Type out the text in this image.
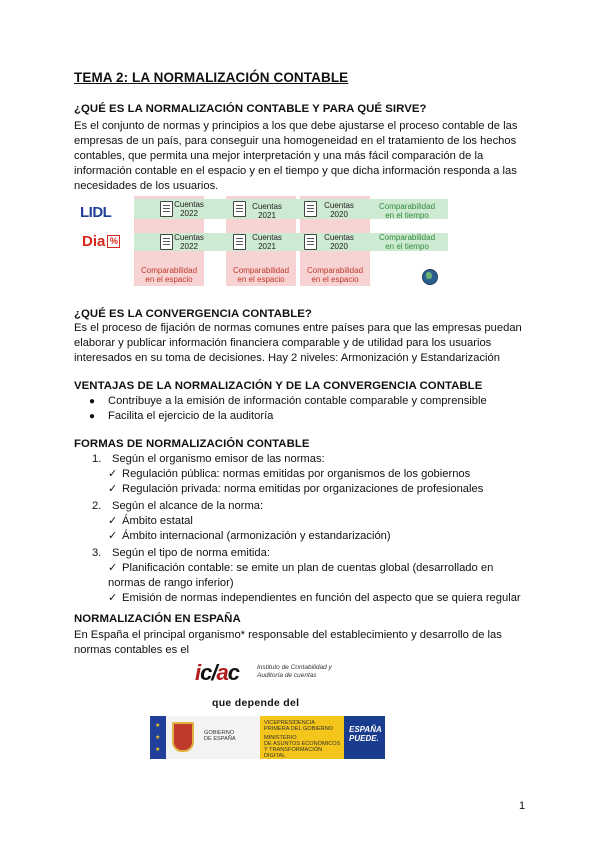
TEMA 2: LA NORMALIZACIÓN CONTABLE
¿QUÉ ES LA NORMALIZACIÓN CONTABLE Y PARA QUÉ SIRVE?
Es el conjunto de normas y principios a los que debe ajustarse el proceso contable de las
empresas de un país, para conseguir una homogeneidad en el tratamiento de los hechos
contables, que permita una mejor interpretación y una más fácil comparación de la
información contable en el espacio y en el tiempo y que dicha información responda a las
necesidades de los usuarios.
LIDL
Dia %
Cuentas
2022
Cuentas
2021
Cuentas
2020
Comparabilidad
en el tiempo
Cuentas
2022
Cuentas
2021
Cuentas
2020
Comparabilidad
en el tiempo
Comparabilidad
en el espacio
Comparabilidad
en el espacio
Comparabilidad
en el espacio
¿QUÉ ES LA CONVERGENCIA CONTABLE?
Es el proceso de fijación de normas comunes entre países para que las empresas puedan
elaborar y publicar información financiera comparable y de utilidad para los usuarios
interesados en su toma de decisiones. Hay 2 niveles: Armonización y Estandarización
VENTAJAS DE LA NORMALIZACIÓN Y DE LA CONVERGENCIA CONTABLE
● Contribuye a la emisión de información contable comparable y comprensible
● Facilita el ejercicio de la auditoría
FORMAS DE NORMALIZACIÓN CONTABLE
1. Según el organismo emisor de las normas:
✓ Regulación pública: normas emitidas por organismos de los gobiernos
✓ Regulación privada: norma emitidas por organizaciones de profesionales
2. Según el alcance de la norma:
✓ Ámbito estatal
✓ Ámbito internacional (armonización y estandarización)
3. Según el tipo de norma emitida:
✓ Planificación contable: se emite un plan de cuentas global (desarrollado en
normas de rango inferior)
✓ Emisión de normas independientes en función del aspecto que se quiera regular
NORMALIZACIÓN EN ESPAÑA
En España el principal organismo* responsable del establecimiento y desarrollo de las
normas contables es el
ic/ac	Instituto de Contabilidad y
Auditoría de cuentas
que depende del
★
★
★
GOBIERNO
DE ESPAÑA
VICEPRESIDENCIA
PRIMERA DEL GOBIERNO
MINISTERIO
DE ASUNTOS ECONÓMICOS
Y TRANSFORMACIÓN DIGITAL
ESPAÑA
PUEDE.
1
